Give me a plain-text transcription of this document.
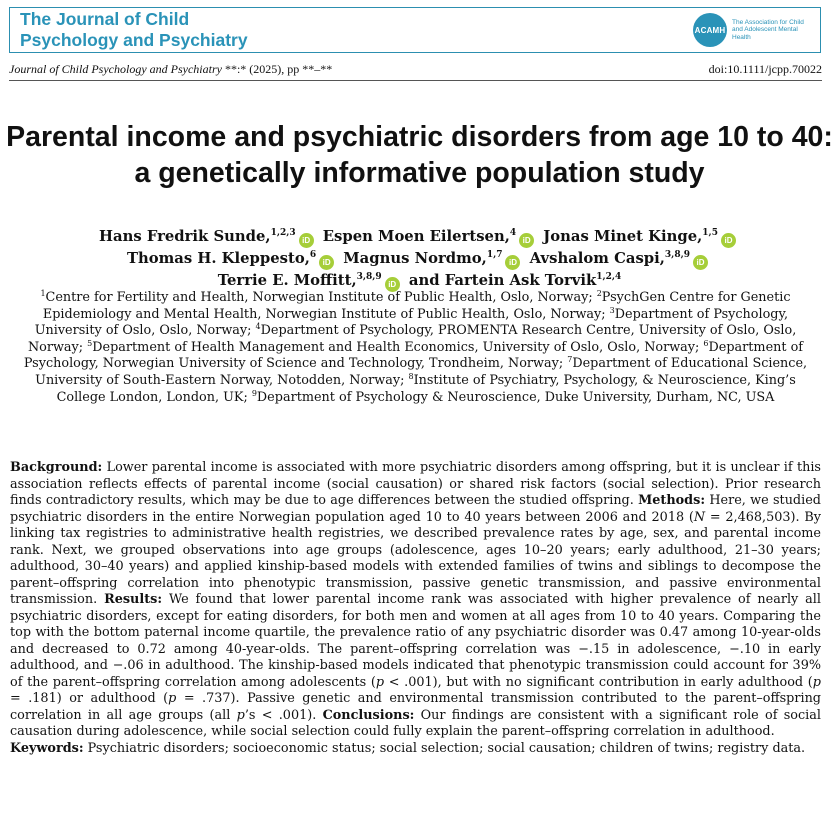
The Journal of Child
Psychology and Psychiatry	ACAMH
The Association for Child and Adolescent Mental Health
Journal of Child Psychology and Psychiatry **:* (2025), pp **–**	doi:10.1111/jcpp.70022
Parental income and psychiatric disorders from age 10 to 40: a genetically informative population study
Hans Fredrik Sunde,$^{1,2,3}$iD Espen Moen Eilertsen,$^4$iD Jonas Minet Kinge,$^{1,5}$iD
Thomas H. Kleppesto,$^6$iD Magnus Nordmo,$^{1,7}$iD Avshalom Caspi,$^{3,8,9}$iD
Terrie E. Moffitt,$^{3,8,9}$iD and Fartein Ask Torvik$^{1,2,4}$
$^1$Centre for Fertility and Health, Norwegian Institute of Public Health, Oslo, Norway; $^2$PsychGen Centre for Genetic Epidemiology and Mental Health, Norwegian Institute of Public Health, Oslo, Norway; $^3$Department of Psychology, University of Oslo, Oslo, Norway; $^4$Department of Psychology, PROMENTA Research Centre, University of Oslo, Oslo, Norway; $^5$Department of Health Management and Health Economics, University of Oslo, Oslo, Norway; $^6$Department of Psychology, Norwegian University of Science and Technology, Trondheim, Norway; $^7$Department of Educational Science, University of South-Eastern Norway, Notodden, Norway; $^8$Institute of Psychiatry, Psychology, & Neuroscience, King’s College London, London, UK; $^9$Department of Psychology & Neuroscience, Duke University, Durham, NC, USA
Background: Lower parental income is associated with more psychiatric disorders among offspring, but it is unclear if this association reflects effects of parental income (social causation) or shared risk factors (social selection). Prior research finds contradictory results, which may be due to age differences between the studied offspring. Methods: Here, we studied psychiatric disorders in the entire Norwegian population aged 10 to 40 years between 2006 and 2018 (N = 2,468,503). By linking tax registries to administrative health registries, we described prevalence rates by age, sex, and parental income rank. Next, we grouped observations into age groups (adolescence, ages 10–20 years; early adulthood, 21–30 years; adulthood, 30–40 years) and applied kinship-based models with extended families of twins and siblings to decompose the parent–offspring correlation into phenotypic transmission, passive genetic transmission, and passive environmental transmission. Results: We found that lower parental income rank was associated with higher prevalence of nearly all psychiatric disorders, except for eating disorders, for both men and women at all ages from 10 to 40 years. Comparing the top with the bottom paternal income quartile, the prevalence ratio of any psychiatric disorder was 0.47 among 10-year-olds and decreased to 0.72 among 40-year-olds. The parent–offspring correlation was −.15 in adolescence, −.10 in early adulthood, and −.06 in adulthood. The kinship-based models indicated that phenotypic transmission could account for 39% of the parent–offspring correlation among adolescents (p < .001), but with no significant contribution in early adulthood (p = .181) or adulthood (p = .737). Passive genetic and environmental transmission contributed to the parent–offspring correlation in all age groups (all p’s < .001). Conclusions: Our findings are consistent with a significant role of social causation during adolescence, while social selection could fully explain the parent–offspring correlation in adulthood.
Keywords: Psychiatric disorders; socioeconomic status; social selection; social causation; children of twins; registry data.
